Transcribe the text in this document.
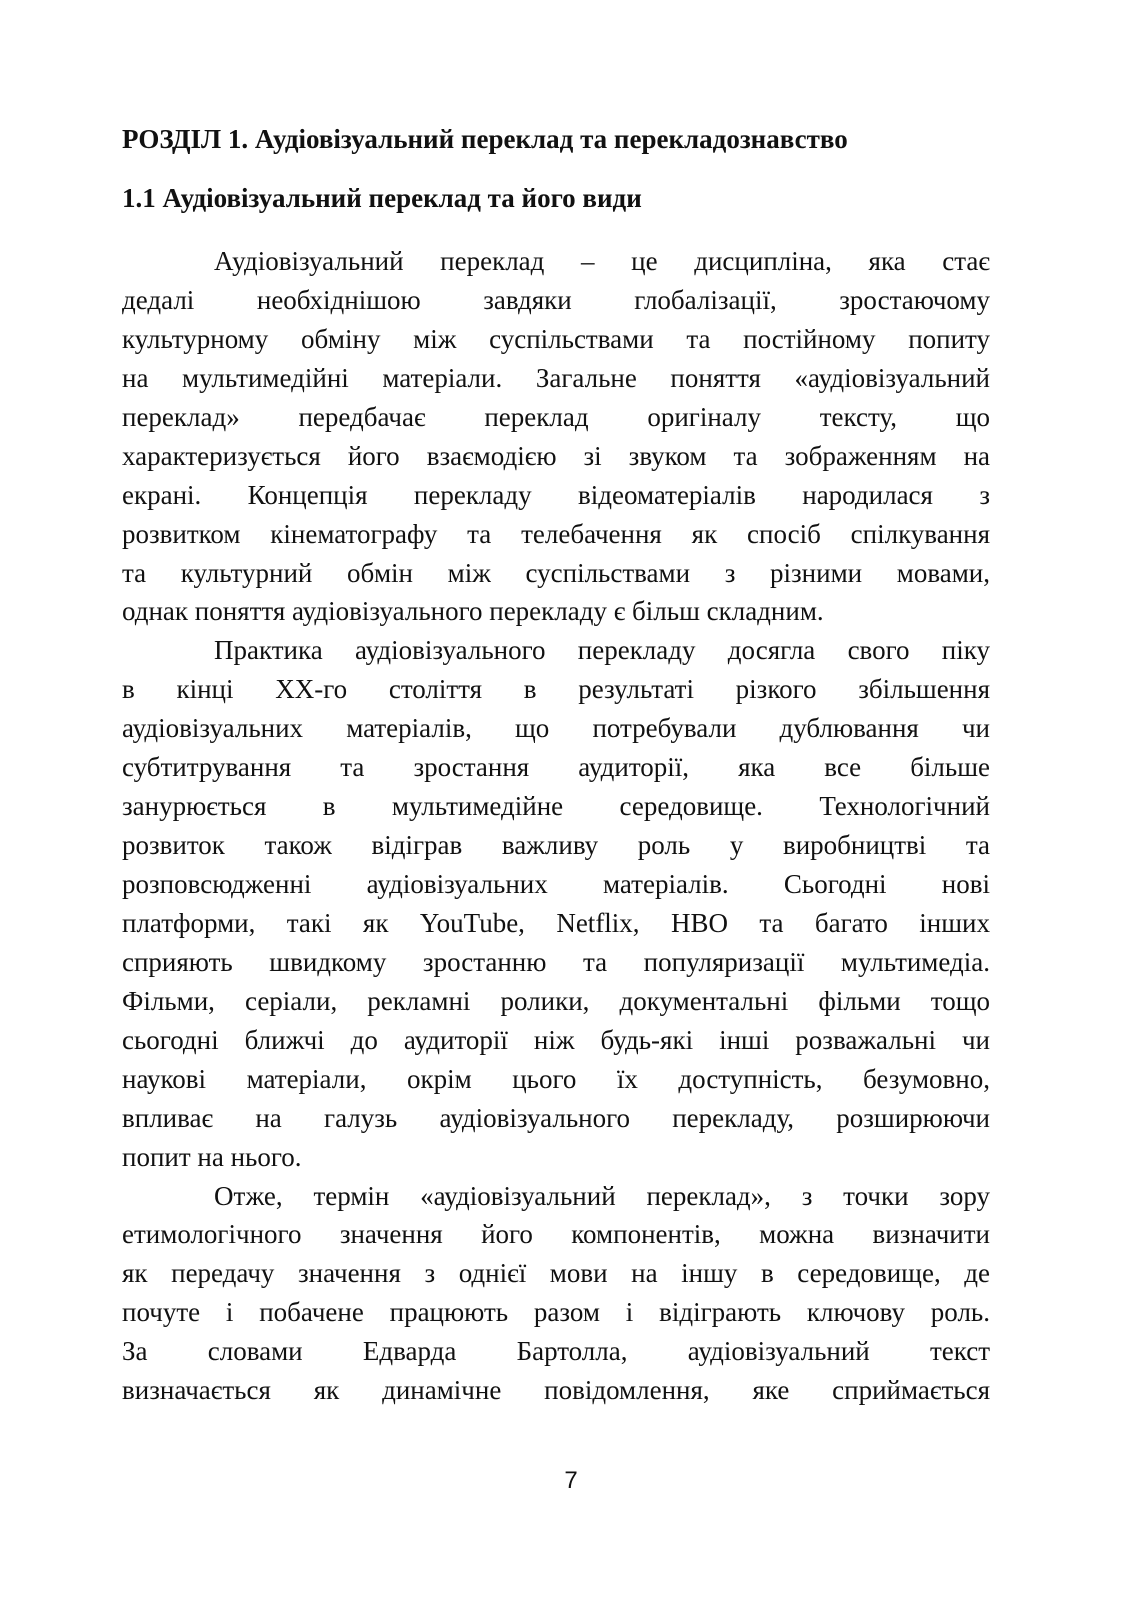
РОЗДІЛ 1. Аудіовізуальний переклад та перекладознавство
1.1 Аудіовізуальний переклад та його види
Аудіовізуальний переклад – це дисципліна, яка стає
дедалі необхіднішою завдяки глобалізації, зростаючому
культурному обміну між суспільствами та постійному попиту
на мультимедійні матеріали. Загальне поняття «аудіовізуальний
переклад» передбачає переклад оригіналу тексту, що
характеризується його взаємодією зі звуком та зображенням на
екрані. Концепція перекладу відеоматеріалів народилася з
розвитком кінематографу та телебачення як спосіб спілкування
та культурний обмін між суспільствами з різними мовами,
однак поняття аудіовізуального перекладу є більш складним.
Практика аудіовізуального перекладу досягла свого піку
в кінці XX-го століття в результаті різкого збільшення
аудіовізуальних матеріалів, що потребували дублювання чи
субтитрування та зростання аудиторії, яка все більше
занурюється в мультимедійне середовище. Технологічний
розвиток також відіграв важливу роль у виробництві та
розповсюдженні аудіовізуальних матеріалів. Сьогодні нові
платформи, такі як YouTube, Netflix, HBO та багато інших
сприяють швидкому зростанню та популяризації мультимедіа.
Фільми, серіали, рекламні ролики, документальні фільми тощо
сьогодні ближчі до аудиторії ніж будь-які інші розважальні чи
наукові матеріали, окрім цього їх доступність, безумовно,
впливає на галузь аудіовізуального перекладу, розширюючи
попит на нього.
Отже, термін «аудіовізуальний переклад», з точки зору
етимологічного значення його компонентів, можна визначити
як передачу значення з однієї мови на іншу в середовище, де
почуте і побачене працюють разом і відіграють ключову роль.
За словами Едварда Бартолла, аудіовізуальний текст
визначається як динамічне повідомлення, яке сприймається
7
